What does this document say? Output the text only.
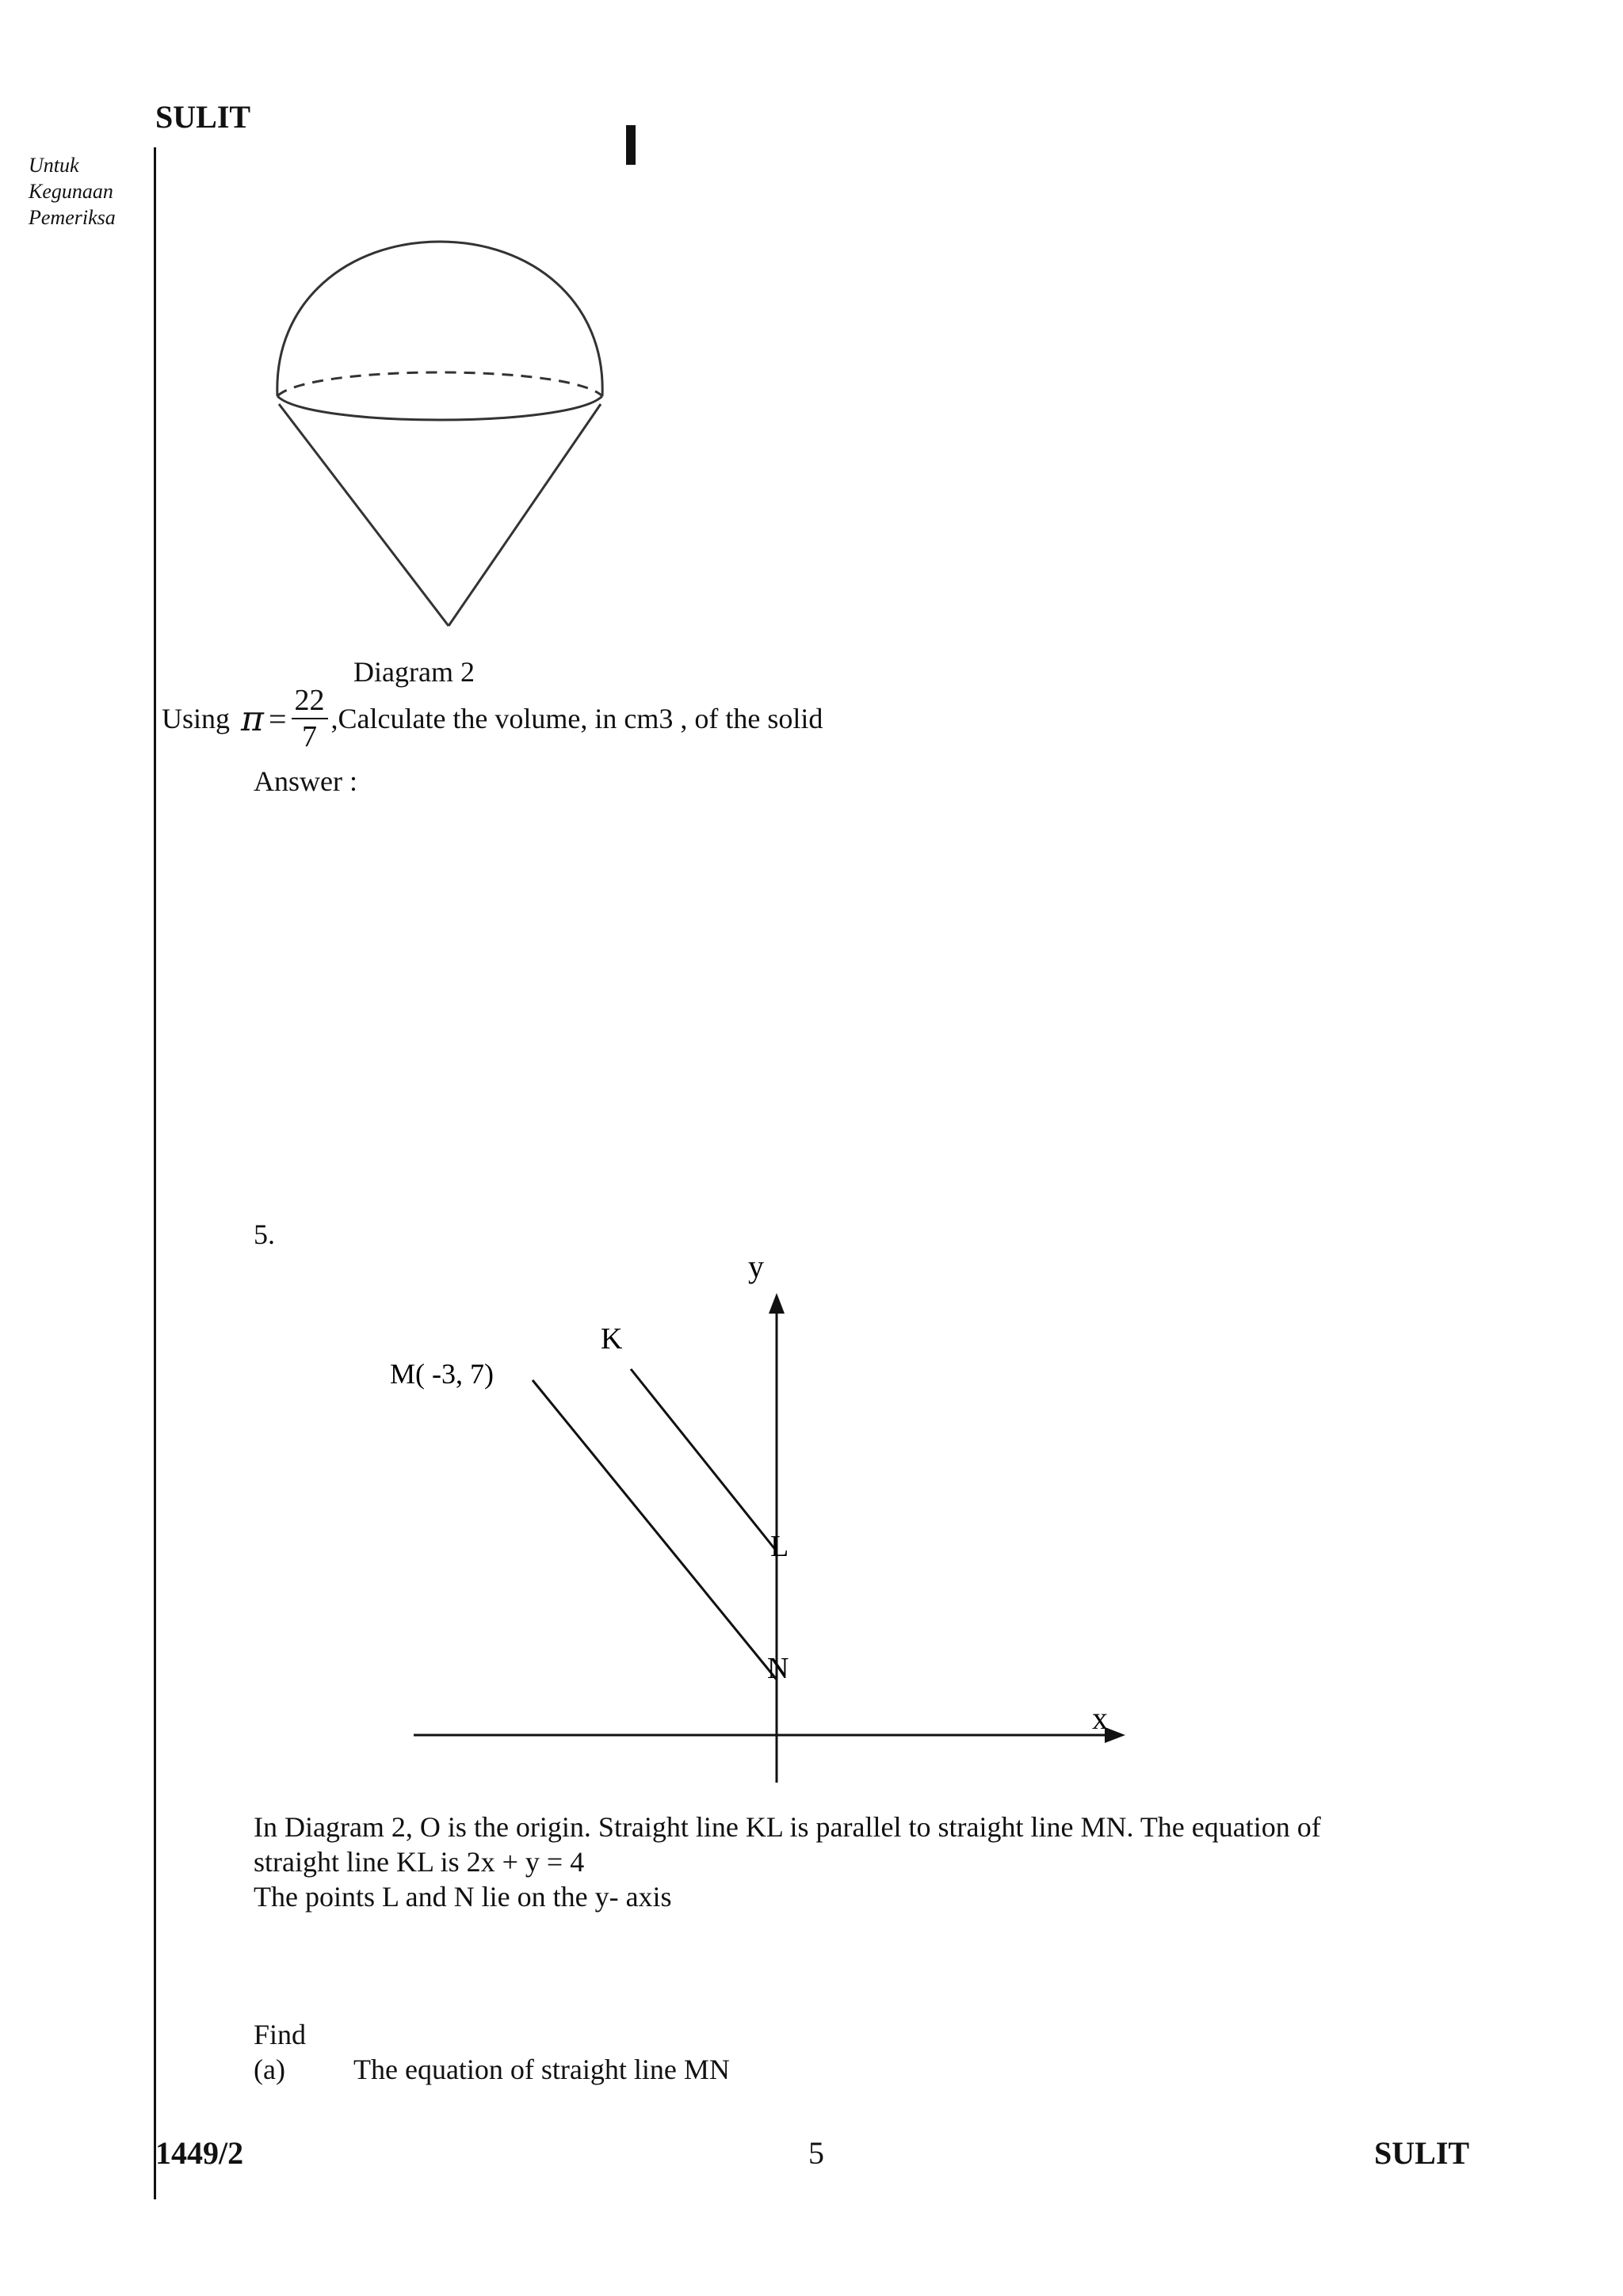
SULIT
Untuk
Kegunaan
Pemeriksa
Diagram 2
Using $\pi = \frac{22}{7}$ ,Calculate the volume, in cm3 , of the solid
Answer :
5.
y
x
K
M( -3, 7)
L
N
In Diagram 2, O is the origin. Straight line KL is parallel to straight line MN. The equation of
straight line KL is 2x + y = 4
The points L and N lie on the y- axis
Find
(a) The equation of straight line MN
1449/2	5	SULIT
